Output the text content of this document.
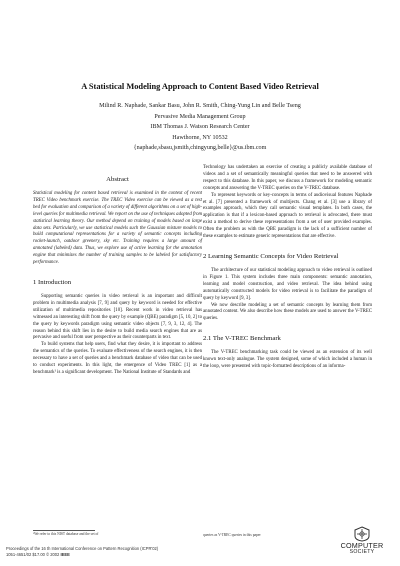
A Statistical Modeling Approach to Content Based Video Retrieval
Milind R. Naphade, Sankar Basu, John R. Smith, Ching-Yung Lin and Belle Tseng
Pervasive Media Management Group
IBM Thomas J. Watson Research Center
Hawthorne, NY 10532
{naphade,sbasu,jsmith,chingyung,belle}@us.ibm.com
Abstract

Statistical modeling for content based retrieval is examined in the context of recent TREC Video benchmark exercise. The TREC Video exercise can be viewed as a test bed for evaluation and comparison of a variety of different algorithms on a set of high-level queries for multimedia retrieval. We report on the use of techniques adopted from statistical learning theory. Our method depend on training of models based on large data sets. Particularly, we use statistical models such the Gaussian mixture models to build computational representations for a variety of semantic concepts including rocket-launch, outdoor greenery, sky etc. Training requires a large amount of annotated (labeled) data. Thus, we explore use of active learning for the annotation engine that minimizes the number of training samples to be labeled for satisfactory performance.

1 Introduction

Supporting semantic queries in video retrieval is an important and difficult problem in multimedia analysis [7, 9] and query by keyword is needed for effective utilization of multimedia repositories [10]. Recent work in video retrieval has witnessed an interesting shift from the query by example (QBE) paradigm [5, 10, 2] to the query by keywords paradigm using semantic video objects [7, 9, 3, 12, 4]. The reason behind this shift lies in the desire to build media search engines that are as pervasive and useful from user perspective as their counterparts in text.

To build systems that help users, find what they desire, it is important to address the semantics of the queries. To evaluate effectiveness of the search engines, it is then necessary to have a set of queries and a benchmark database of video that can be used to conduct experiments. In this light, the emergence of Video TREC [1] as a benchmark¹ is a significant development. The National Institute of Standards and

Technology has undertaken an exercise of creating a publicly available database of videos and a set of semantically meaningful queries that need to be answered with respect to this database. In this paper, we discuss a framework for modeling semantic concepts and answering the V-TREC queries on the V-TREC database.

To represent keywords or key-concepts in terms of audiovisual features Naphade et al. [7] presented a framework of multijects. Chang et al. [3] use a library of examples approach, which they call semantic visual templates. In both cases, the application is that if a lexicon-based approach to retrieval is advocated, there must exist a method to derive these representations from a set of user provided examples. Often the problem as with the QBE paradigm is the lack of a sufficient number of these examples to estimate generic representations that are effective.

2 Learning Semantic Concepts for Video Retrieval

The architecture of our statistical modeling approach to video retrieval is outlined in Figure 1. This system includes three main components: semantic annotation, learning and model construction, and video retrieval. The idea behind using automatically constructed models for video retrieval is to facilitate the paradigm of query by keyword [9, 3].

We now describe modeling a set of semantic concepts by learning them from annotated content. We also describe how these models are used to answer the V-TREC queries.

2.1 The V-TREC Benchmark

The V-TREC benchmarking task could be viewed as an extension of its well known text-only analogue. The system designed, some of which included a human in the loop, were presented with topic-formatted descriptions of an informa-

¹We refer to this NIST database and the set of	queries as V-TREC queries in this paper
Proceedings of the 16 th International Conference on Pattern Recognition (ICPR'02)
1051-4651/02 $17.00 © 2002 IEEE
COMPUTER
SOCIETY
